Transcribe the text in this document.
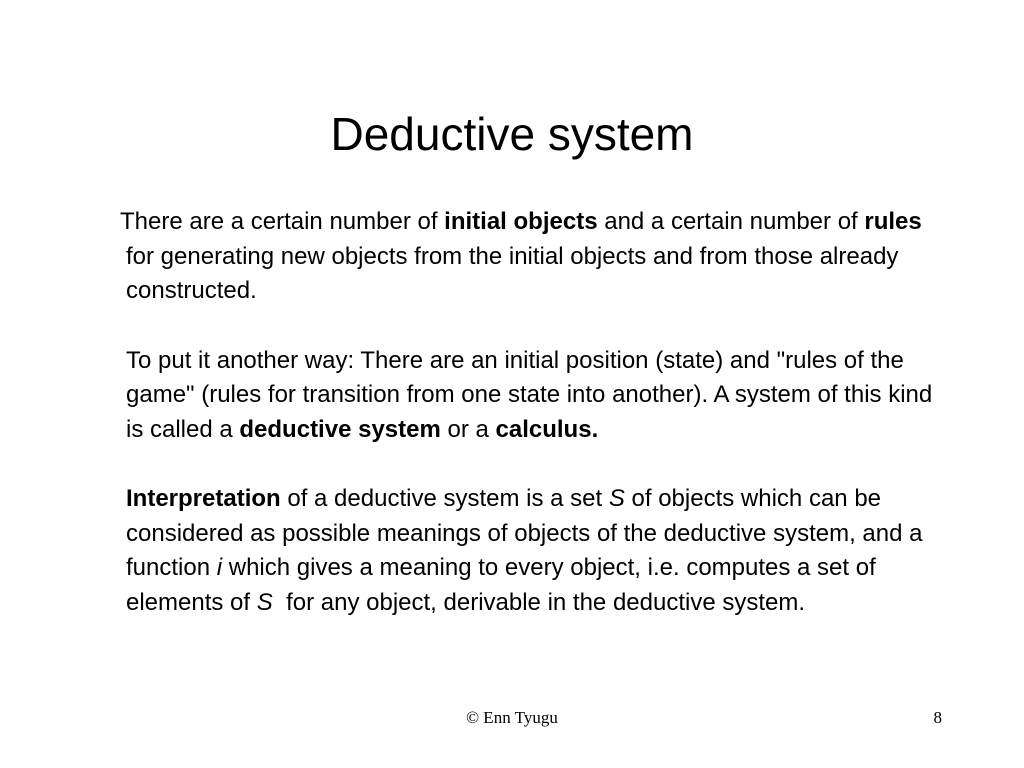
Deductive system

There are a certain number of initial objects and a certain number of rules for generating new objects from the initial objects and from those already constructed.

To put it another way: There are an initial position (state) and "rules of the game" (rules for transition from one state into another). A system of this kind is called a deductive system or a calculus.

Interpretation of a deductive system is a set S of objects which can be considered as possible meanings of objects of the deductive system, and a function i which gives a meaning to every object, i.e. computes a set of elements of S  for any object, derivable in the deductive system.

© Enn Tyugu	8
